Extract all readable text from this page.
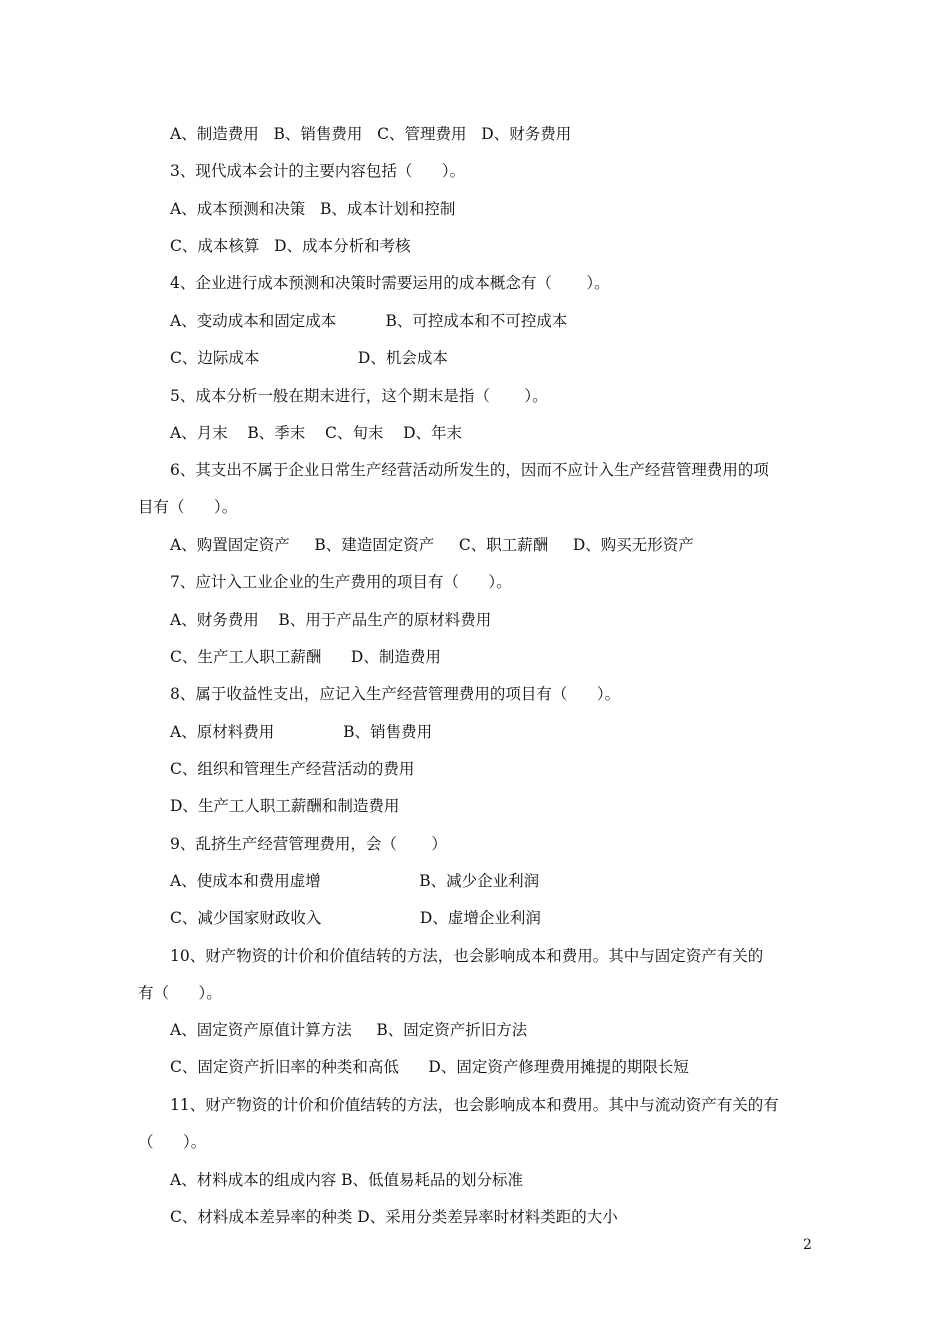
A、制造费用   B、销售费用   C、管理费用   D、财务费用
3、现代成本会计的主要内容包括（      ）。
A、成本预测和决策   B、成本计划和控制
C、成本核算   D、成本分析和考核
4、企业进行成本预测和决策时需要运用的成本概念有（       ）。
A、变动成本和固定成本          B、可控成本和不可控成本
C、边际成本                    D、机会成本
5、成本分析一般在期末进行，这个期末是指（       ）。
A、月末    B、季末    C、旬末    D、年末
6、其支出不属于企业日常生产经营活动所发生的，因而不应计入生产经营管理费用的项
目有（      ）。
A、购置固定资产     B、建造固定资产     C、职工薪酬     D、购买无形资产
7、应计入工业企业的生产费用的项目有（      ）。
A、财务费用    B、用于产品生产的原材料费用
C、生产工人职工薪酬      D、制造费用
8、属于收益性支出，应记入生产经营管理费用的项目有（      ）。
A、原材料费用              B、销售费用
C、组织和管理生产经营活动的费用
D、生产工人职工薪酬和制造费用
9、乱挤生产经营管理费用，会（       ）
A、使成本和费用虚增                    B、减少企业利润
C、减少国家财政收入                    D、虚增企业利润
10、财产物资的计价和价值结转的方法，也会影响成本和费用。其中与固定资产有关的
有（      ）。
A、固定资产原值计算方法     B、固定资产折旧方法
C、固定资产折旧率的种类和高低      D、固定资产修理费用摊提的期限长短
11、财产物资的计价和价值结转的方法，也会影响成本和费用。其中与流动资产有关的有
（      ）。
A、材料成本的组成内容 B、低值易耗品的划分标准
C、材料成本差异率的种类 D、采用分类差异率时材料类距的大小
2
